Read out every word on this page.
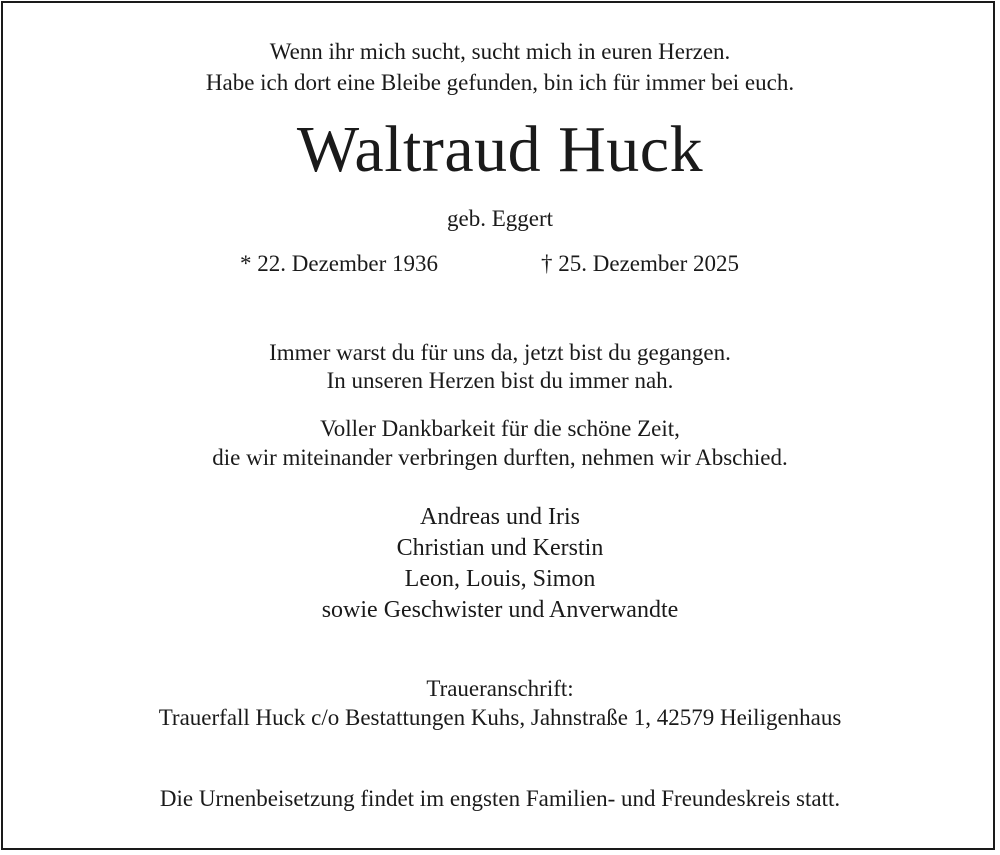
Wenn ihr mich sucht, sucht mich in euren Herzen.
Habe ich dort eine Bleibe gefunden, bin ich für immer bei euch.
Waltraud Huck
geb. Eggert
* 22. Dezember 1936	† 25. Dezember 2025
Immer warst du für uns da, jetzt bist du gegangen.
In unseren Herzen bist du immer nah.
Voller Dankbarkeit für die schöne Zeit,
die wir miteinander verbringen durften, nehmen wir Abschied.
Andreas und Iris
Christian und Kerstin
Leon, Louis, Simon
sowie Geschwister und Anverwandte
Traueranschrift:
Trauerfall Huck c/o Bestattungen Kuhs, Jahnstraße 1, 42579 Heiligenhaus
Die Urnenbeisetzung findet im engsten Familien- und Freundeskreis statt.
